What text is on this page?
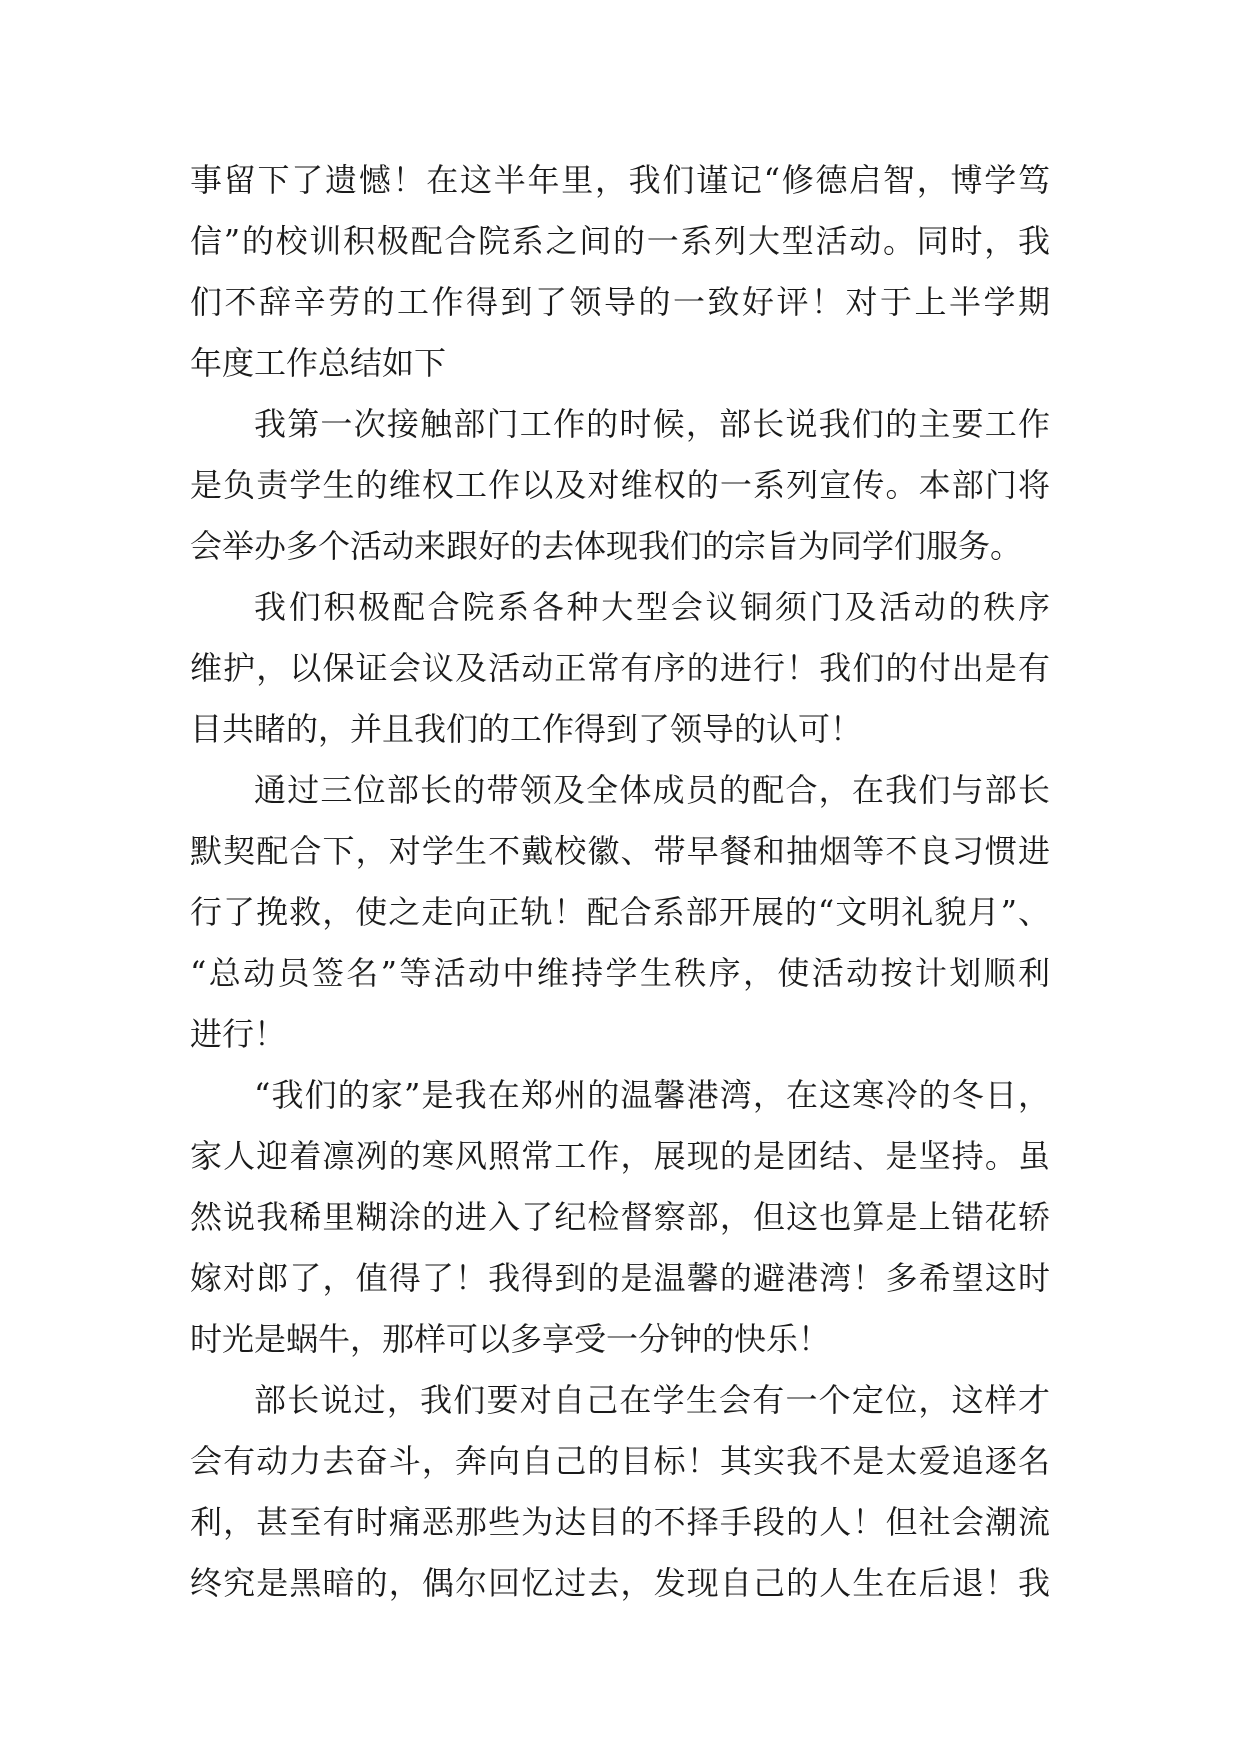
事留下了遗憾！在这半年里，我们谨记“修德启智，博学笃
信”的校训积极配合院系之间的一系列大型活动。同时，我
们不辞辛劳的工作得到了领导的一致好评！对于上半学期
年度工作总结如下
我第一次接触部门工作的时候，部长说我们的主要工作
是负责学生的维权工作以及对维权的一系列宣传。本部门将
会举办多个活动来跟好的去体现我们的宗旨为同学们服务。
我们积极配合院系各种大型会议铜须门及活动的秩序
维护，以保证会议及活动正常有序的进行！我们的付出是有
目共睹的，并且我们的工作得到了领导的认可！
通过三位部长的带领及全体成员的配合，在我们与部长
默契配合下，对学生不戴校徽、带早餐和抽烟等不良习惯进
行了挽救，使之走向正轨！配合系部开展的“文明礼貌月”、
“总动员签名”等活动中维持学生秩序，使活动按计划顺利
进行！
“我们的家”是我在郑州的温馨港湾，在这寒冷的冬日，
家人迎着凛冽的寒风照常工作，展现的是团结、是坚持。虽
然说我稀里糊涂的进入了纪检督察部，但这也算是上错花轿
嫁对郎了，值得了！我得到的是温馨的避港湾！多希望这时
时光是蜗牛，那样可以多享受一分钟的快乐！
部长说过，我们要对自己在学生会有一个定位，这样才
会有动力去奋斗，奔向自己的目标！其实我不是太爱追逐名
利，甚至有时痛恶那些为达目的不择手段的人！但社会潮流
终究是黑暗的，偶尔回忆过去，发现自己的人生在后退！我
